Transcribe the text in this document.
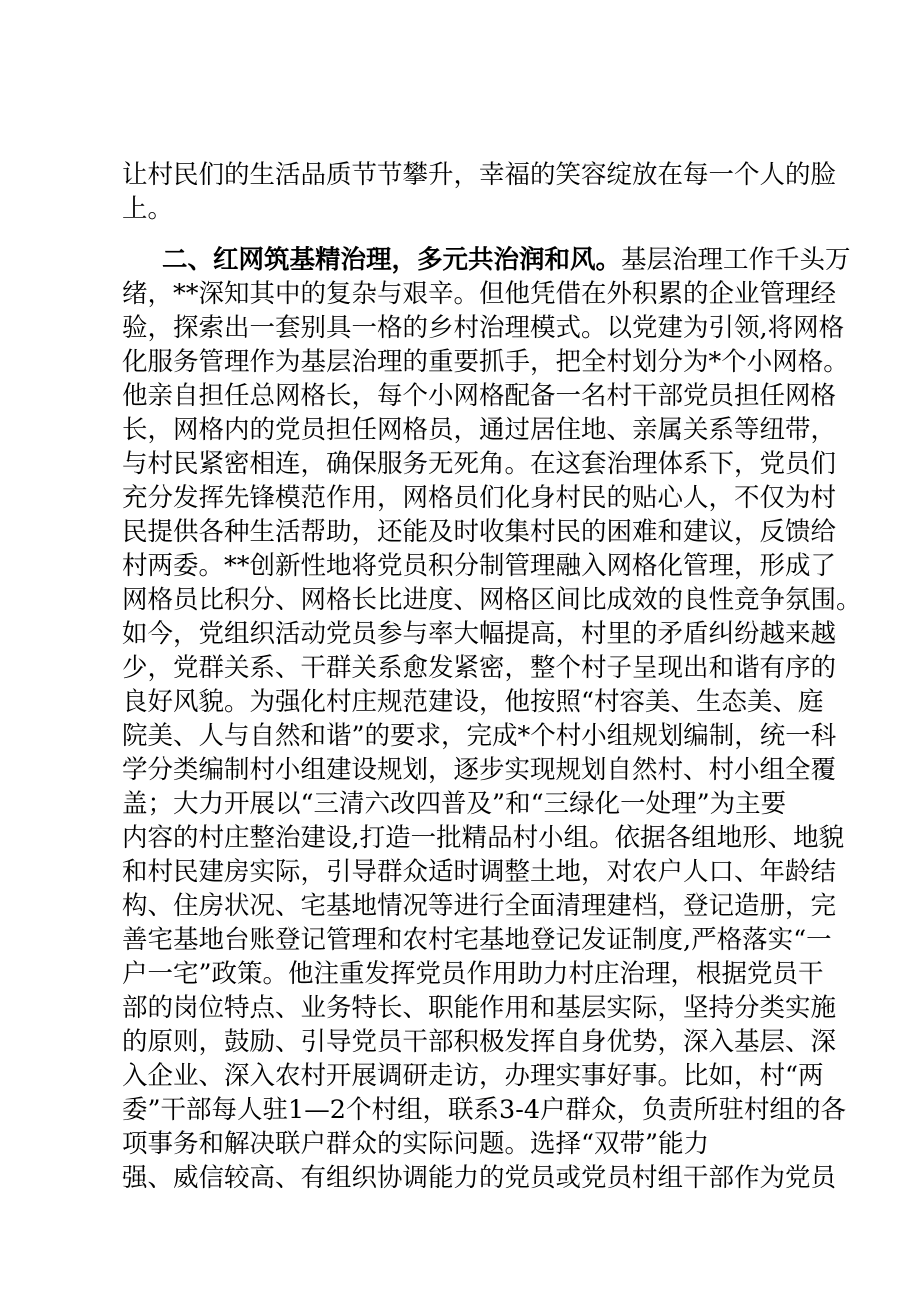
让村民们的生活品质节节攀升，幸福的笑容绽放在每一个人的脸
上。
二、红网筑基精治理，多元共治润和风。基层治理工作千头万
绪，**深知其中的复杂与艰辛。但他凭借在外积累的企业管理经
验，探索出一套别具一格的乡村治理模式。以党建为引领,将网格
化服务管理作为基层治理的重要抓手，把全村划分为*个小网格。
他亲自担任总网格长，每个小网格配备一名村干部党员担任网格
长，网格内的党员担任网格员，通过居住地、亲属关系等纽带，
与村民紧密相连，确保服务无死角。在这套治理体系下，党员们
充分发挥先锋模范作用，网格员们化身村民的贴心人，不仅为村
民提供各种生活帮助，还能及时收集村民的困难和建议，反馈给
村两委。**创新性地将党员积分制管理融入网格化管理，形成了
网格员比积分、网格长比进度、网格区间比成效的良性竞争氛围。
如今，党组织活动党员参与率大幅提高，村里的矛盾纠纷越来越
少，党群关系、干群关系愈发紧密，整个村子呈现出和谐有序的
良好风貌。为强化村庄规范建设，他按照“村容美、生态美、庭
院美、人与自然和谐”的要求，完成*个村小组规划编制，统一科
学分类编制村小组建设规划，逐步实现规划自然村、村小组全覆
盖；大力开展以“三清六改四普及”和“三绿化一处理”为主要
内容的村庄整治建设,打造一批精品村小组。依据各组地形、地貌
和村民建房实际，引导群众适时调整土地，对农户人口、年龄结
构、住房状况、宅基地情况等进行全面清理建档，登记造册，完
善宅基地台账登记管理和农村宅基地登记发证制度,严格落实“一
户一宅”政策。他注重发挥党员作用助力村庄治理，根据党员干
部的岗位特点、业务特长、职能作用和基层实际，坚持分类实施
的原则，鼓励、引导党员干部积极发挥自身优势，深入基层、深
入企业、深入农村开展调研走访，办理实事好事。比如，村“两
委”干部每人驻1—2个村组，联系3-4户群众，负责所驻村组的各
项事务和解决联户群众的实际问题。选择“双带”能力
强、威信较高、有组织协调能力的党员或党员村组干部作为党员
